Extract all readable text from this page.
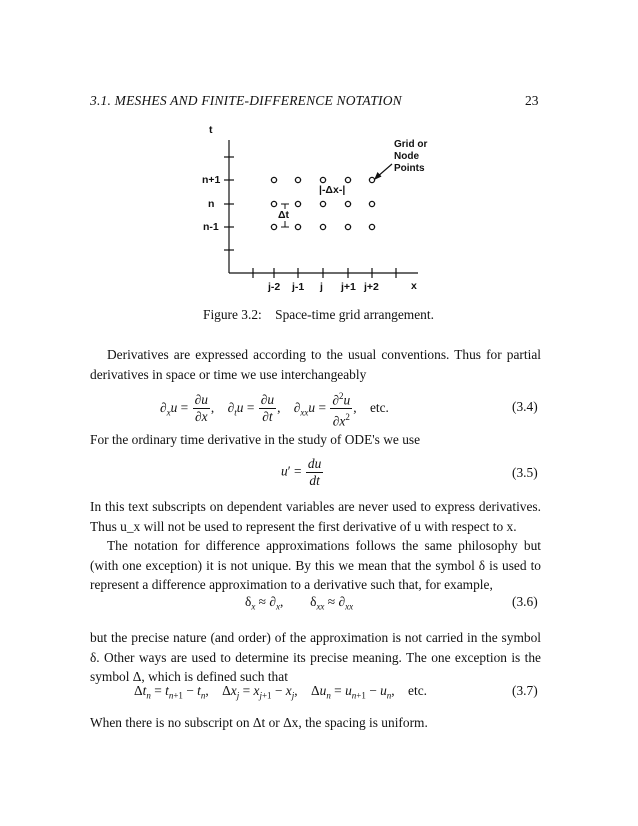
3.1. MESHES AND FINITE-DIFFERENCE NOTATION	23
t
x
n+1
n
n-1
j-2 j-1 j j+1 j+2
|-Δx-|
Δt
Grid or
Node
Points
Figure 3.2:    Space-time grid arrangement.

Derivatives are expressed according to the usual conventions. Thus for partial derivatives in space or time we use interchangeably

$\partial_xu = \frac{\partial u}{\partial x}$ ,    $\partial_tu = \frac{\partial u}{\partial t}$ ,    $\partial_{xx}u = \frac{\partial^2u}{\partial x^2}$ ,    etc.	(3.4)

For the ordinary time derivative in the study of ODE's we use

$u' = \frac{du}{dt}$	(3.5)

In this text subscripts on dependent variables are never used to express derivatives. Thus u_x will not be used to represent the first derivative of u with respect to x.

The notation for difference approximations follows the same philosophy but (with one exception) it is not unique. By this we mean that the symbol δ is used to represent a difference approximation to a derivative such that, for example,

$\delta_x \approx \partial_x$,        $\delta_{xx} \approx \partial_{xx}$	(3.6)

but the precise nature (and order) of the approximation is not carried in the symbol δ. Other ways are used to determine its precise meaning. The one exception is the symbol Δ, which is defined such that

$\Delta t_n = t_{n+1} - t_n$,    $\Delta x_j = x_{j+1} - x_j$,    $\Delta u_n = u_{n+1} - u_n$,    etc.	(3.7)

When there is no subscript on Δt or Δx, the spacing is uniform.
